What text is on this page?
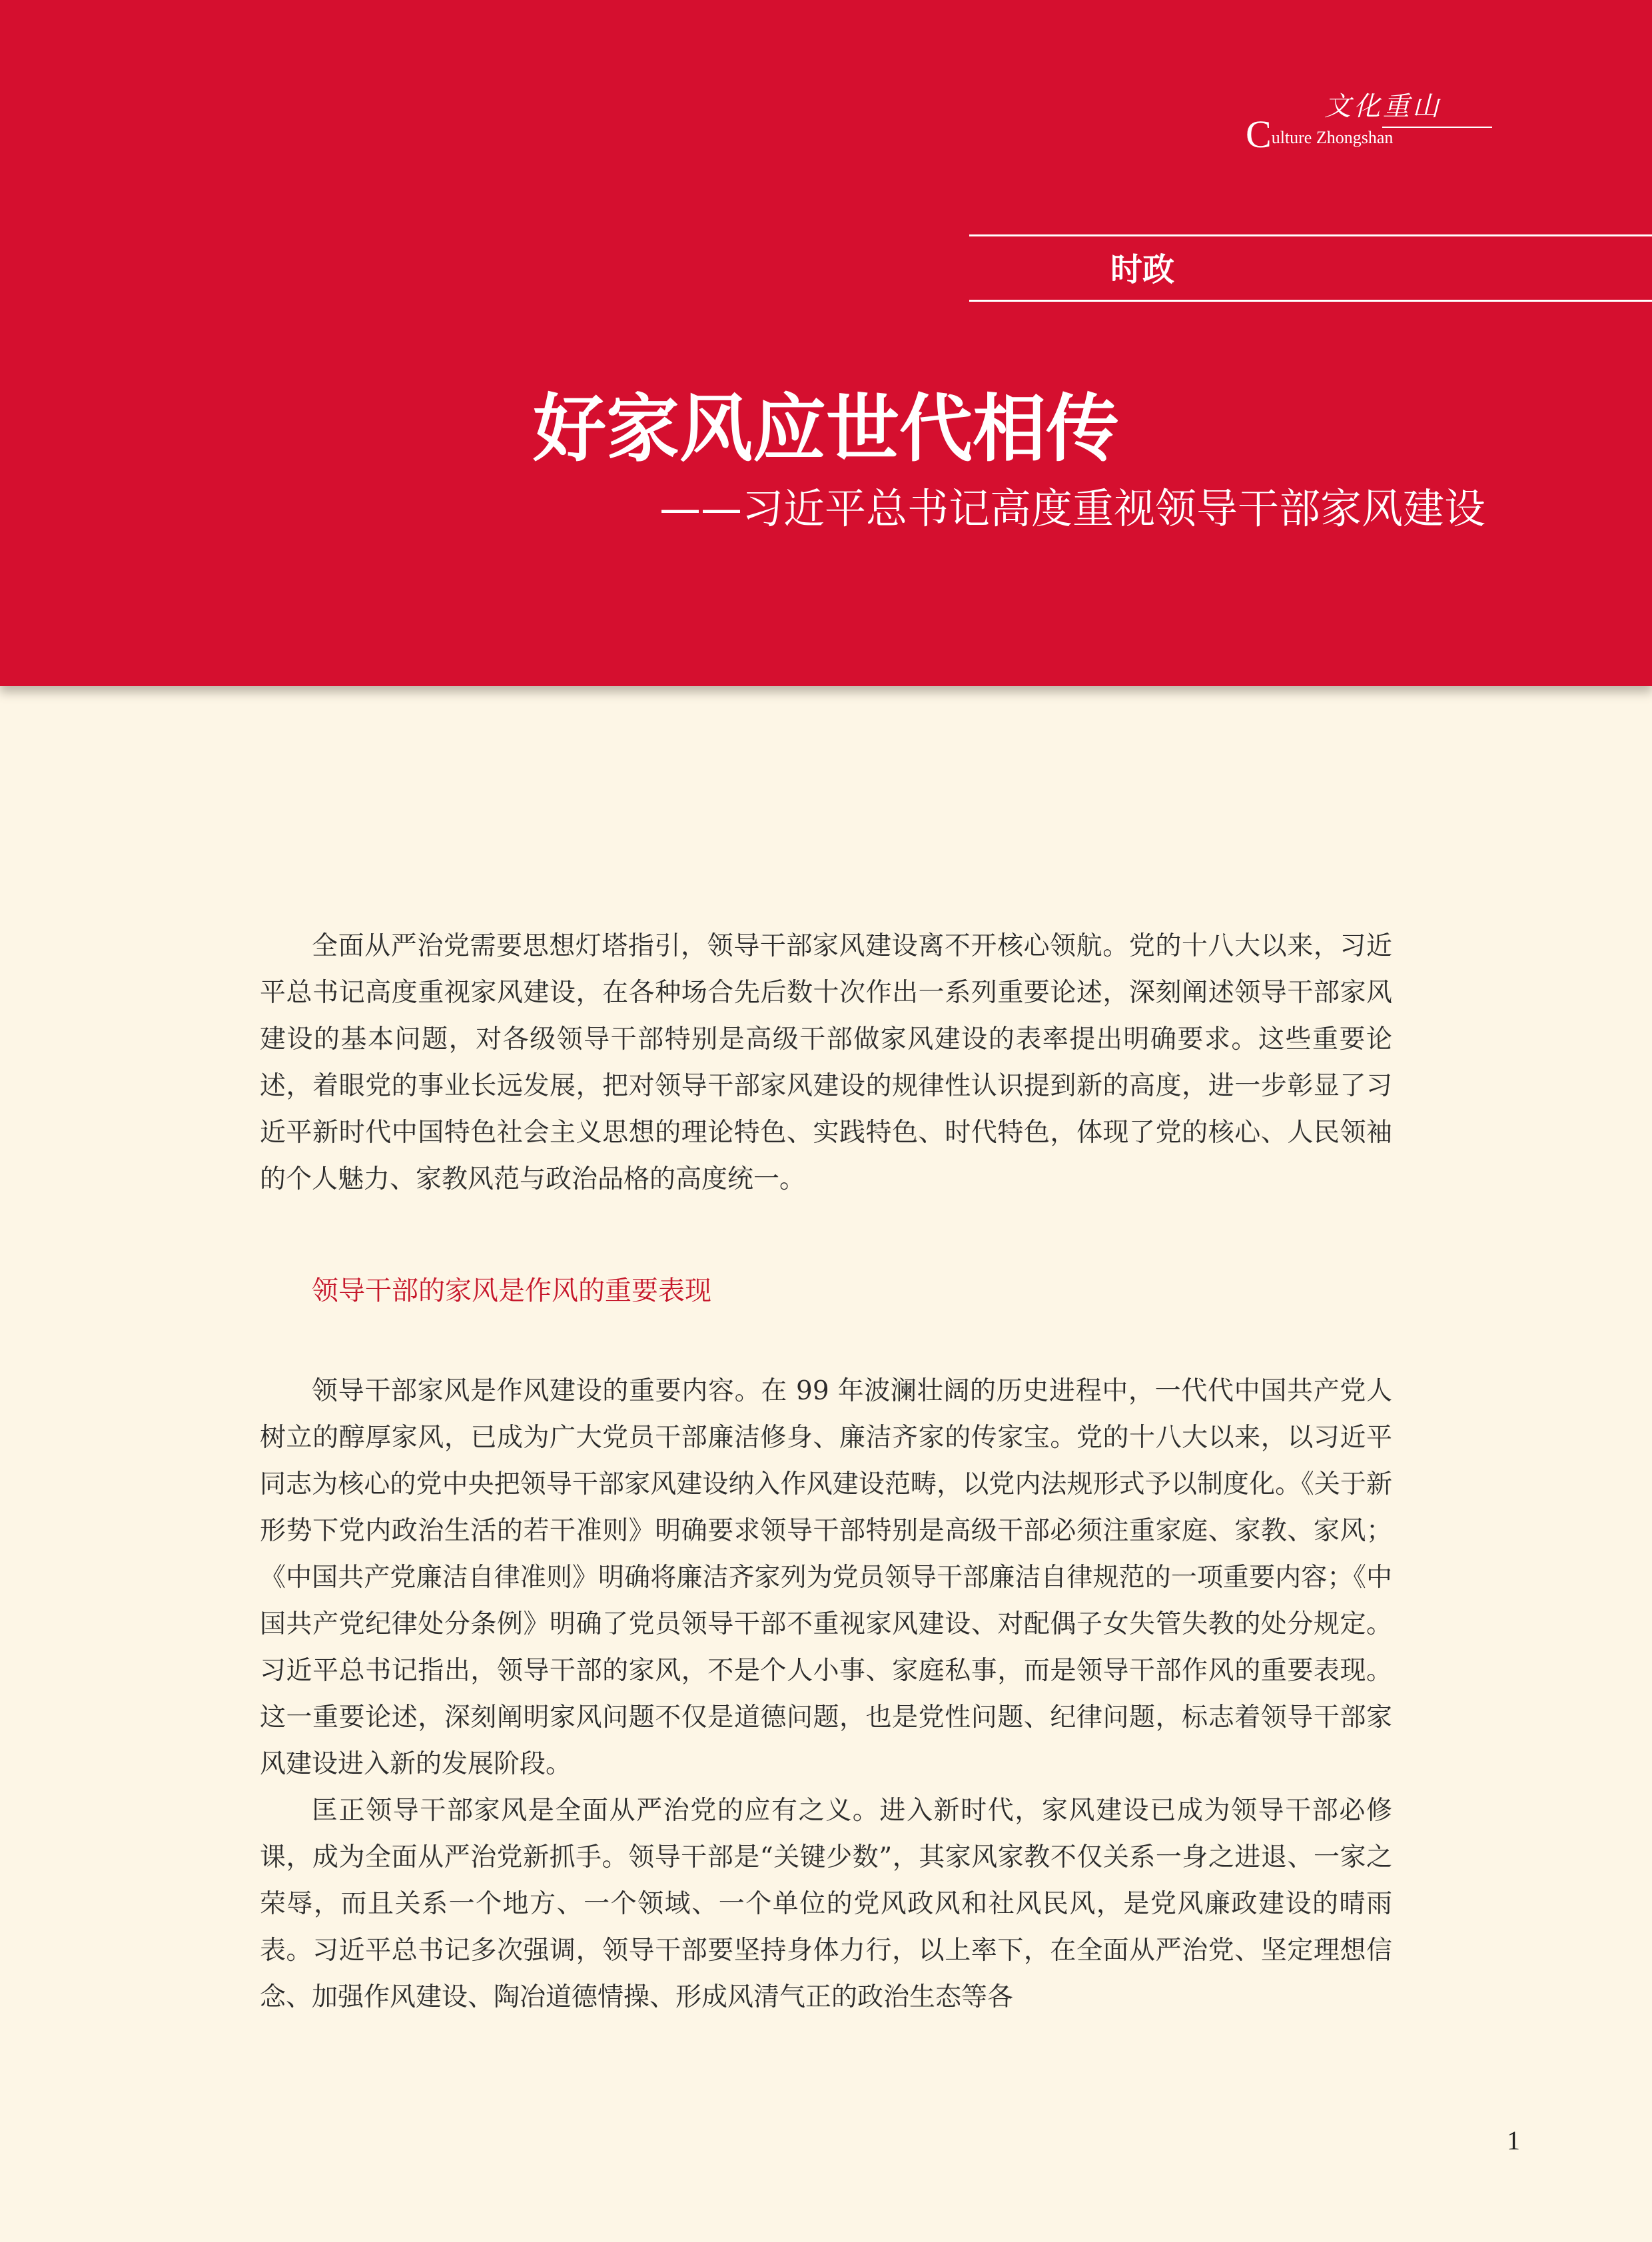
文化重山
Culture Zhongshan
时政
好家风应世代相传
——习近平总书记高度重视领导干部家风建设

全面从严治党需要思想灯塔指引，领导干部家风建设离不开核心领航。党的十八大以来，习近平总书记高度重视家风建设，在各种场合先后数十次作出一系列重要论述，深刻阐述领导干部家风建设的基本问题，对各级领导干部特别是高级干部做家风建设的表率提出明确要求。这些重要论述，着眼党的事业长远发展，把对领导干部家风建设的规律性认识提到新的高度，进一步彰显了习近平新时代中国特色社会主义思想的理论特色、实践特色、时代特色，体现了党的核心、人民领袖的个人魅力、家教风范与政治品格的高度统一。

领导干部的家风是作风的重要表现

领导干部家风是作风建设的重要内容。在 99 年波澜壮阔的历史进程中，一代代中国共产党人树立的醇厚家风，已成为广大党员干部廉洁修身、廉洁齐家的传家宝。党的十八大以来，以习近平同志为核心的党中央把领导干部家风建设纳入作风建设范畴，以党内法规形式予以制度化。《关于新形势下党内政治生活的若干准则》明确要求领导干部特别是高级干部必须注重家庭、家教、家风；《中国共产党廉洁自律准则》明确将廉洁齐家列为党员领导干部廉洁自律规范的一项重要内容；《中国共产党纪律处分条例》明确了党员领导干部不重视家风建设、对配偶子女失管失教的处分规定。习近平总书记指出，领导干部的家风，不是个人小事、家庭私事，而是领导干部作风的重要表现。这一重要论述，深刻阐明家风问题不仅是道德问题，也是党性问题、纪律问题，标志着领导干部家风建设进入新的发展阶段。

匡正领导干部家风是全面从严治党的应有之义。进入新时代，家风建设已成为领导干部必修课，成为全面从严治党新抓手。领导干部是“关键少数”，其家风家教不仅关系一身之进退、一家之荣辱，而且关系一个地方、一个领域、一个单位的党风政风和社风民风，是党风廉政建设的晴雨表。习近平总书记多次强调，领导干部要坚持身体力行，以上率下，在全面从严治党、坚定理想信念、加强作风建设、陶冶道德情操、形成风清气正的政治生态等各

1
